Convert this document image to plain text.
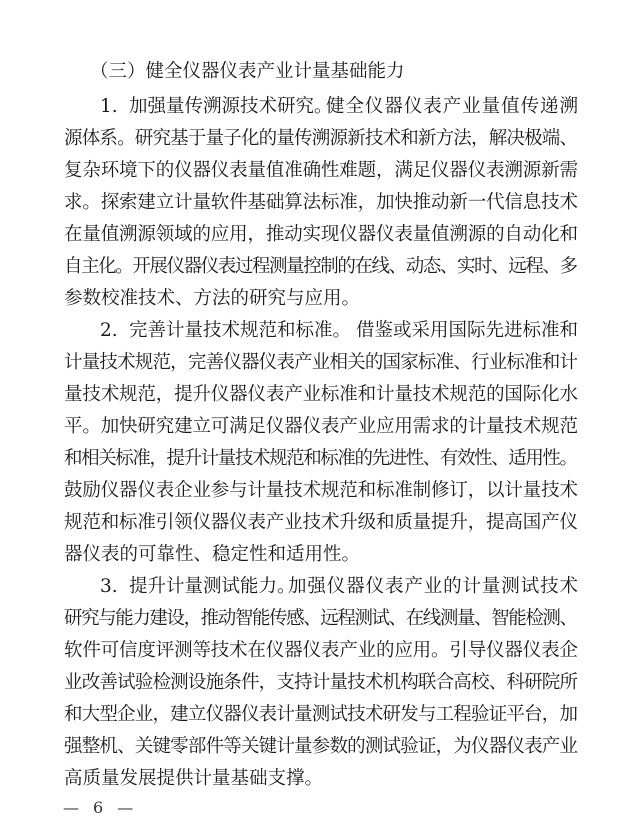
（三）健全仪器仪表产业计量基础能力
1. 加强量传溯源技术研究。
健全仪器仪表产业量值传递溯
源体系。研究基于量子化的量传溯源新技术和新方法，解决极端、
复杂环境下的仪器仪表量值准确性难题，满足仪器仪表溯源新需
求。探索建立计量软件基础算法标准，加快推动新一代信息技术
在量值溯源领域的应用，推动实现仪器仪表量值溯源的自动化和
自主化。开展仪器仪表过程测量控制的在线、动态、实时、远程、多
参数校准技术、方法的研究与应用。
2. 完善计量技术规范和标准。 借鉴或采用国际先进标准和
计量技术规范，完善仪器仪表产业相关的国家标准、行业标准和计
量技术规范，提升仪器仪表产业标准和计量技术规范的国际化水
平。加快研究建立可满足仪器仪表产业应用需求的计量技术规范
和相关标准，提升计量技术规范和标准的先进性、有效性、适用性。
鼓励仪器仪表企业参与计量技术规范和标准制修订，以计量技术
规范和标准引领仪器仪表产业技术升级和质量提升，提高国产仪
器仪表的可靠性、稳定性和适用性。
3. 提升计量测试能力。
加强仪器仪表产业的计量测试技术
研究与能力建设，推动智能传感、远程测试、在线测量、智能检测、
软件可信度评测等技术在仪器仪表产业的应用。引导仪器仪表企
业改善试验检测设施条件，支持计量技术机构联合高校、科研院所
和大型企业，建立仪器仪表计量测试技术研发与工程验证平台，加
强整机、关键零部件等关键计量参数的测试验证，为仪器仪表产业
高质量发展提供计量基础支撑。
— 6 —
